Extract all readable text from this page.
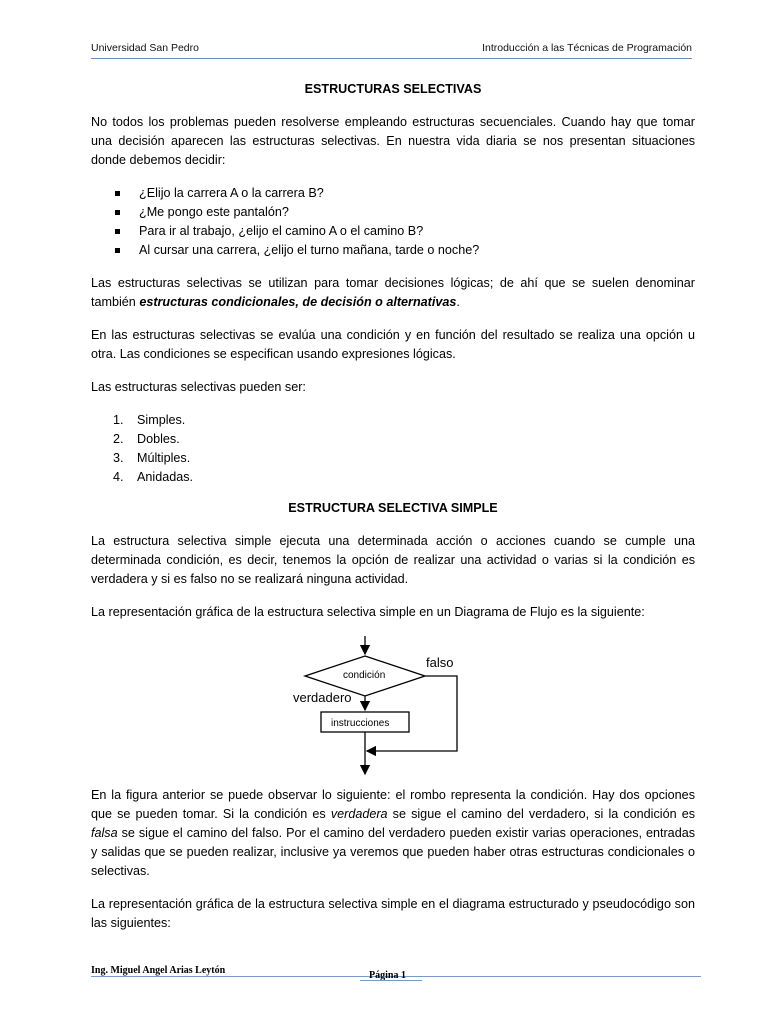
Universidad San Pedro	Introducción a las Técnicas de Programación
ESTRUCTURAS SELECTIVAS

No todos los problemas pueden resolverse empleando estructuras secuenciales. Cuando hay que tomar una decisión aparecen las estructuras selectivas. En nuestra vida diaria se nos presentan situaciones donde debemos decidir:

¿Elijo la carrera A o la carrera B?
¿Me pongo este pantalón?
Para ir al trabajo, ¿elijo el camino A o el camino B?
Al cursar una carrera, ¿elijo el turno mañana, tarde o noche?

Las estructuras selectivas se utilizan para tomar decisiones lógicas; de ahí que se suelen denominar también estructuras condicionales, de decisión o alternativas.

En las estructuras selectivas se evalúa una condición y en función del resultado se realiza una opción u otra. Las condiciones se especifican usando expresiones lógicas.

Las estructuras selectivas pueden ser:

1. Simples.
2. Dobles.
3. Múltiples.
4. Anidadas.
ESTRUCTURA SELECTIVA SIMPLE

La estructura selectiva simple ejecuta una determinada acción o acciones cuando se cumple una determinada condición, es decir, tenemos la opción de realizar una actividad o varias si la condición es verdadera y si es falso no se realizará ninguna actividad.

La representación gráfica de la estructura selectiva simple en un Diagrama de Flujo es la siguiente:

condición
falso
verdadero
instrucciones

En la figura anterior se puede observar lo siguiente: el rombo representa la condición. Hay dos opciones que se pueden tomar. Si la condición es verdadera se sigue el camino del verdadero, si la condición es falsa se sigue el camino del falso. Por el camino del verdadero pueden existir varias operaciones, entradas y salidas que se pueden realizar, inclusive ya veremos que pueden haber otras estructuras condicionales o selectivas.

La representación gráfica de la estructura selectiva simple en el diagrama estructurado y pseudocódigo son las siguientes:

Ing. Miguel Angel Arias Leytón	Página 1
